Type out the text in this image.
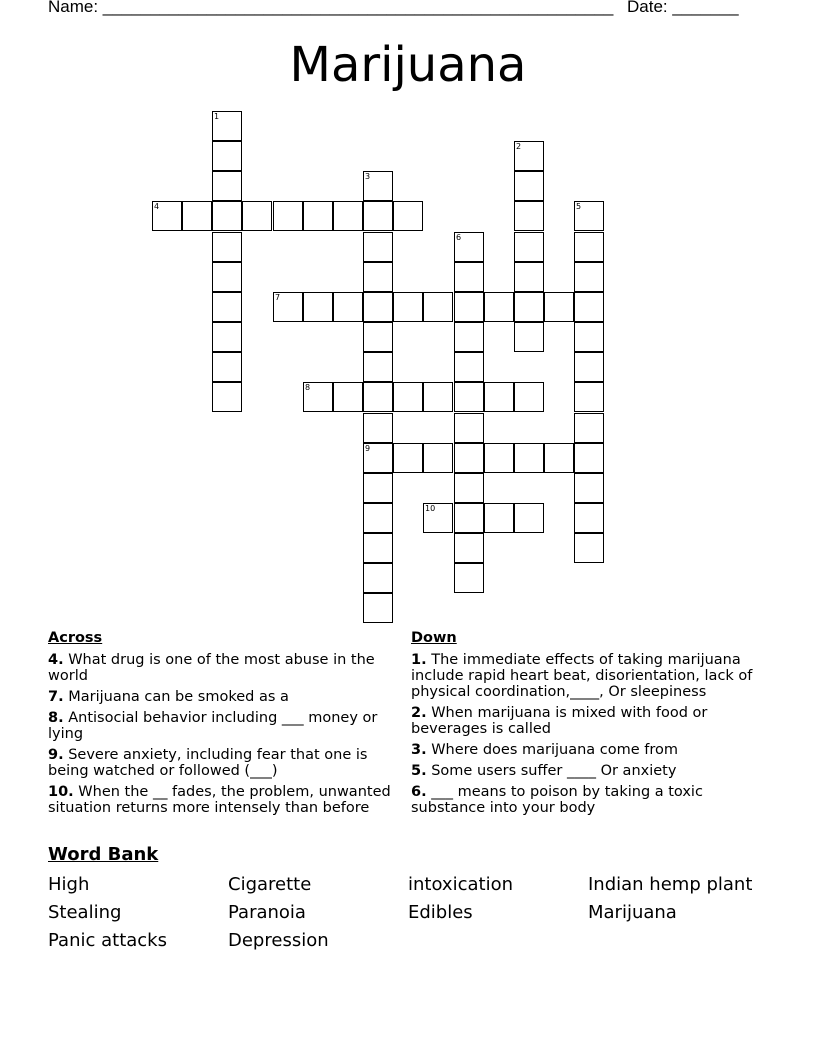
Name: ______________________________________________________ Date: _______
Marijuana
1
2
3
9
4	5
6
7
8
10
Across
4. What drug is one of the most abuse in the world
7. Marijuana can be smoked as a
8. Antisocial behavior including ___ money or lying
9. Severe anxiety, including fear that one is being watched or followed (___)
10. When the __ fades, the problem, unwanted situation returns more intensely than before
Down
1. The immediate effects of taking marijuana include rapid heart beat, disorientation, lack of physical coordination,____, Or sleepiness
2. When marijuana is mixed with food or beverages is called
3. Where does marijuana come from
5. Some users suffer ____ Or anxiety
6. ___ means to poison by taking a toxic substance into your body
Word Bank
High	Cigarette	intoxication	Indian hemp plant
Stealing	Paranoia	Edibles	Marijuana
Panic attacks	Depression
